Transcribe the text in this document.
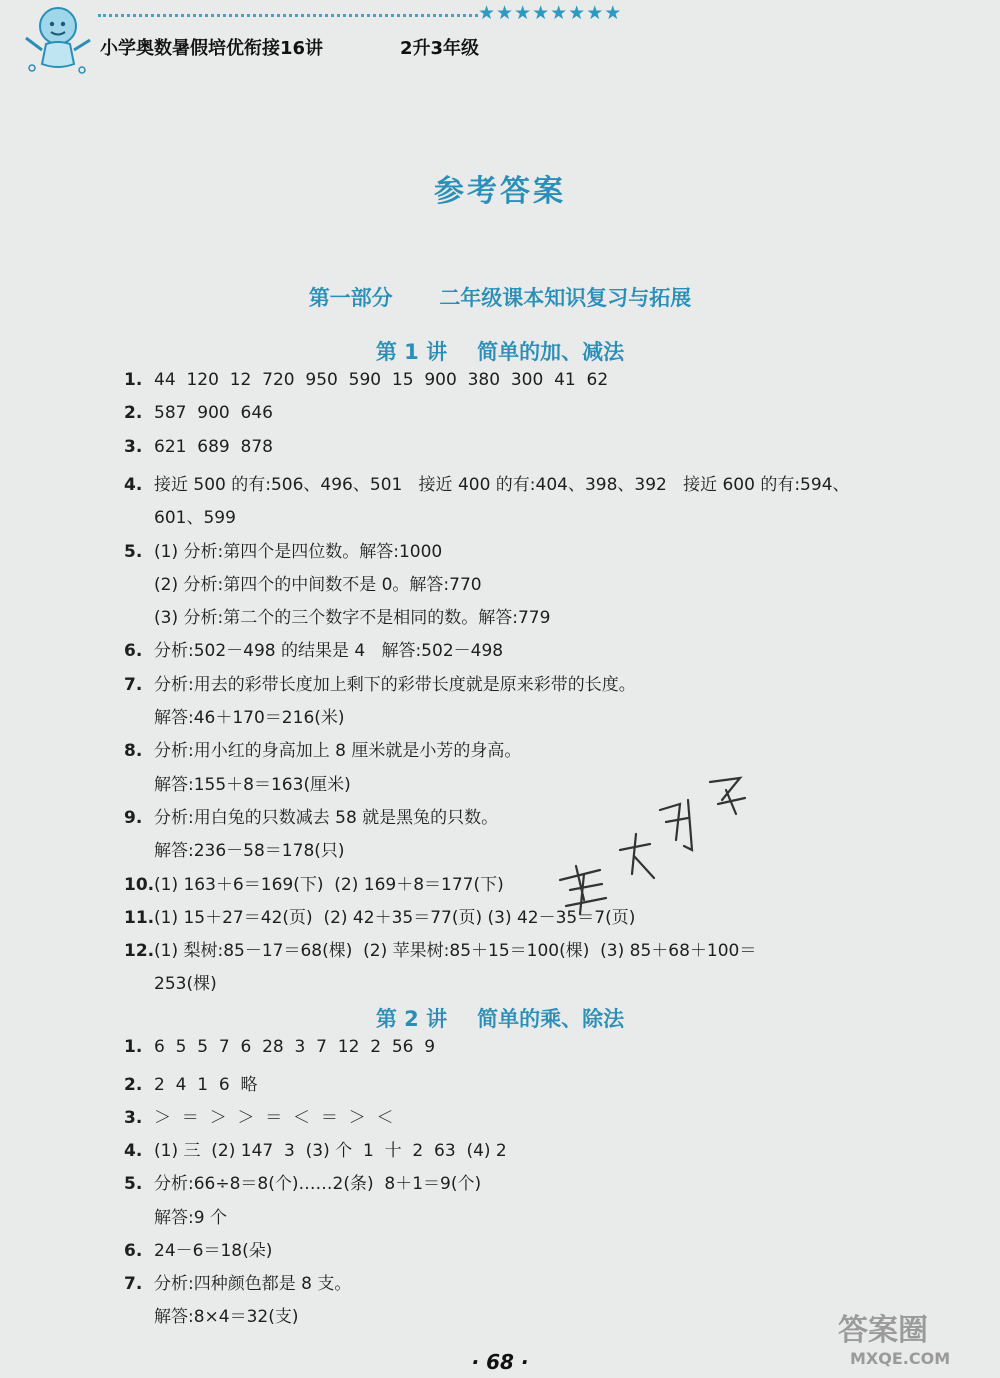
★★★★★★★★
小学奥数暑假培优衔接16讲	2升3年级
参考答案
第一部分 二年级课本知识复习与拓展
第 1 讲 简单的加、减法
1. 44  120  12  720  950  590  15  900  380  300  41  62
2. 587  900  646
3. 621  689  878
4. 接近 500 的有:506、496、501   接近 400 的有:404、398、392   接近 600 的有:594、
601、599
5. (1) 分析:第四个是四位数。解答:1000
(2) 分析:第四个的中间数不是 0。解答:770
(3) 分析:第二个的三个数字不是相同的数。解答:779
6. 分析:502－498 的结果是 4   解答:502－498
7. 分析:用去的彩带长度加上剩下的彩带长度就是原来彩带的长度。
解答:46＋170＝216(米)
8. 分析:用小红的身高加上 8 厘米就是小芳的身高。
解答:155＋8＝163(厘米)
9. 分析:用白兔的只数减去 58 就是黑兔的只数。
解答:236－58＝178(只)
10.(1) 163＋6＝169(下)  (2) 169＋8＝177(下)
11.(1) 15＋27＝42(页)  (2) 42＋35＝77(页) (3) 42－35＝7(页)
12.(1) 梨树:85－17＝68(棵)  (2) 苹果树:85＋15＝100(棵)  (3) 85＋68＋100＝
253(棵)
第 2 讲 简单的乘、除法
1. 6  5  5  7  6  28  3  7  12  2  56  9
2. 2  4  1  6  略
3. ＞  ＝  ＞  ＞  ＝  ＜  ＝  ＞  ＜
4. (1) 三  (2) 147  3  (3) 个  1  十  2  63  (4) 2
5. 分析:66÷8＝8(个)……2(条)  8＋1＝9(个)
解答:9 个
6. 24－6＝18(朵)
7. 分析:四种颜色都是 8 支。
解答:8×4＝32(支)
· 68 ·
答案圈
MXQE.COM
